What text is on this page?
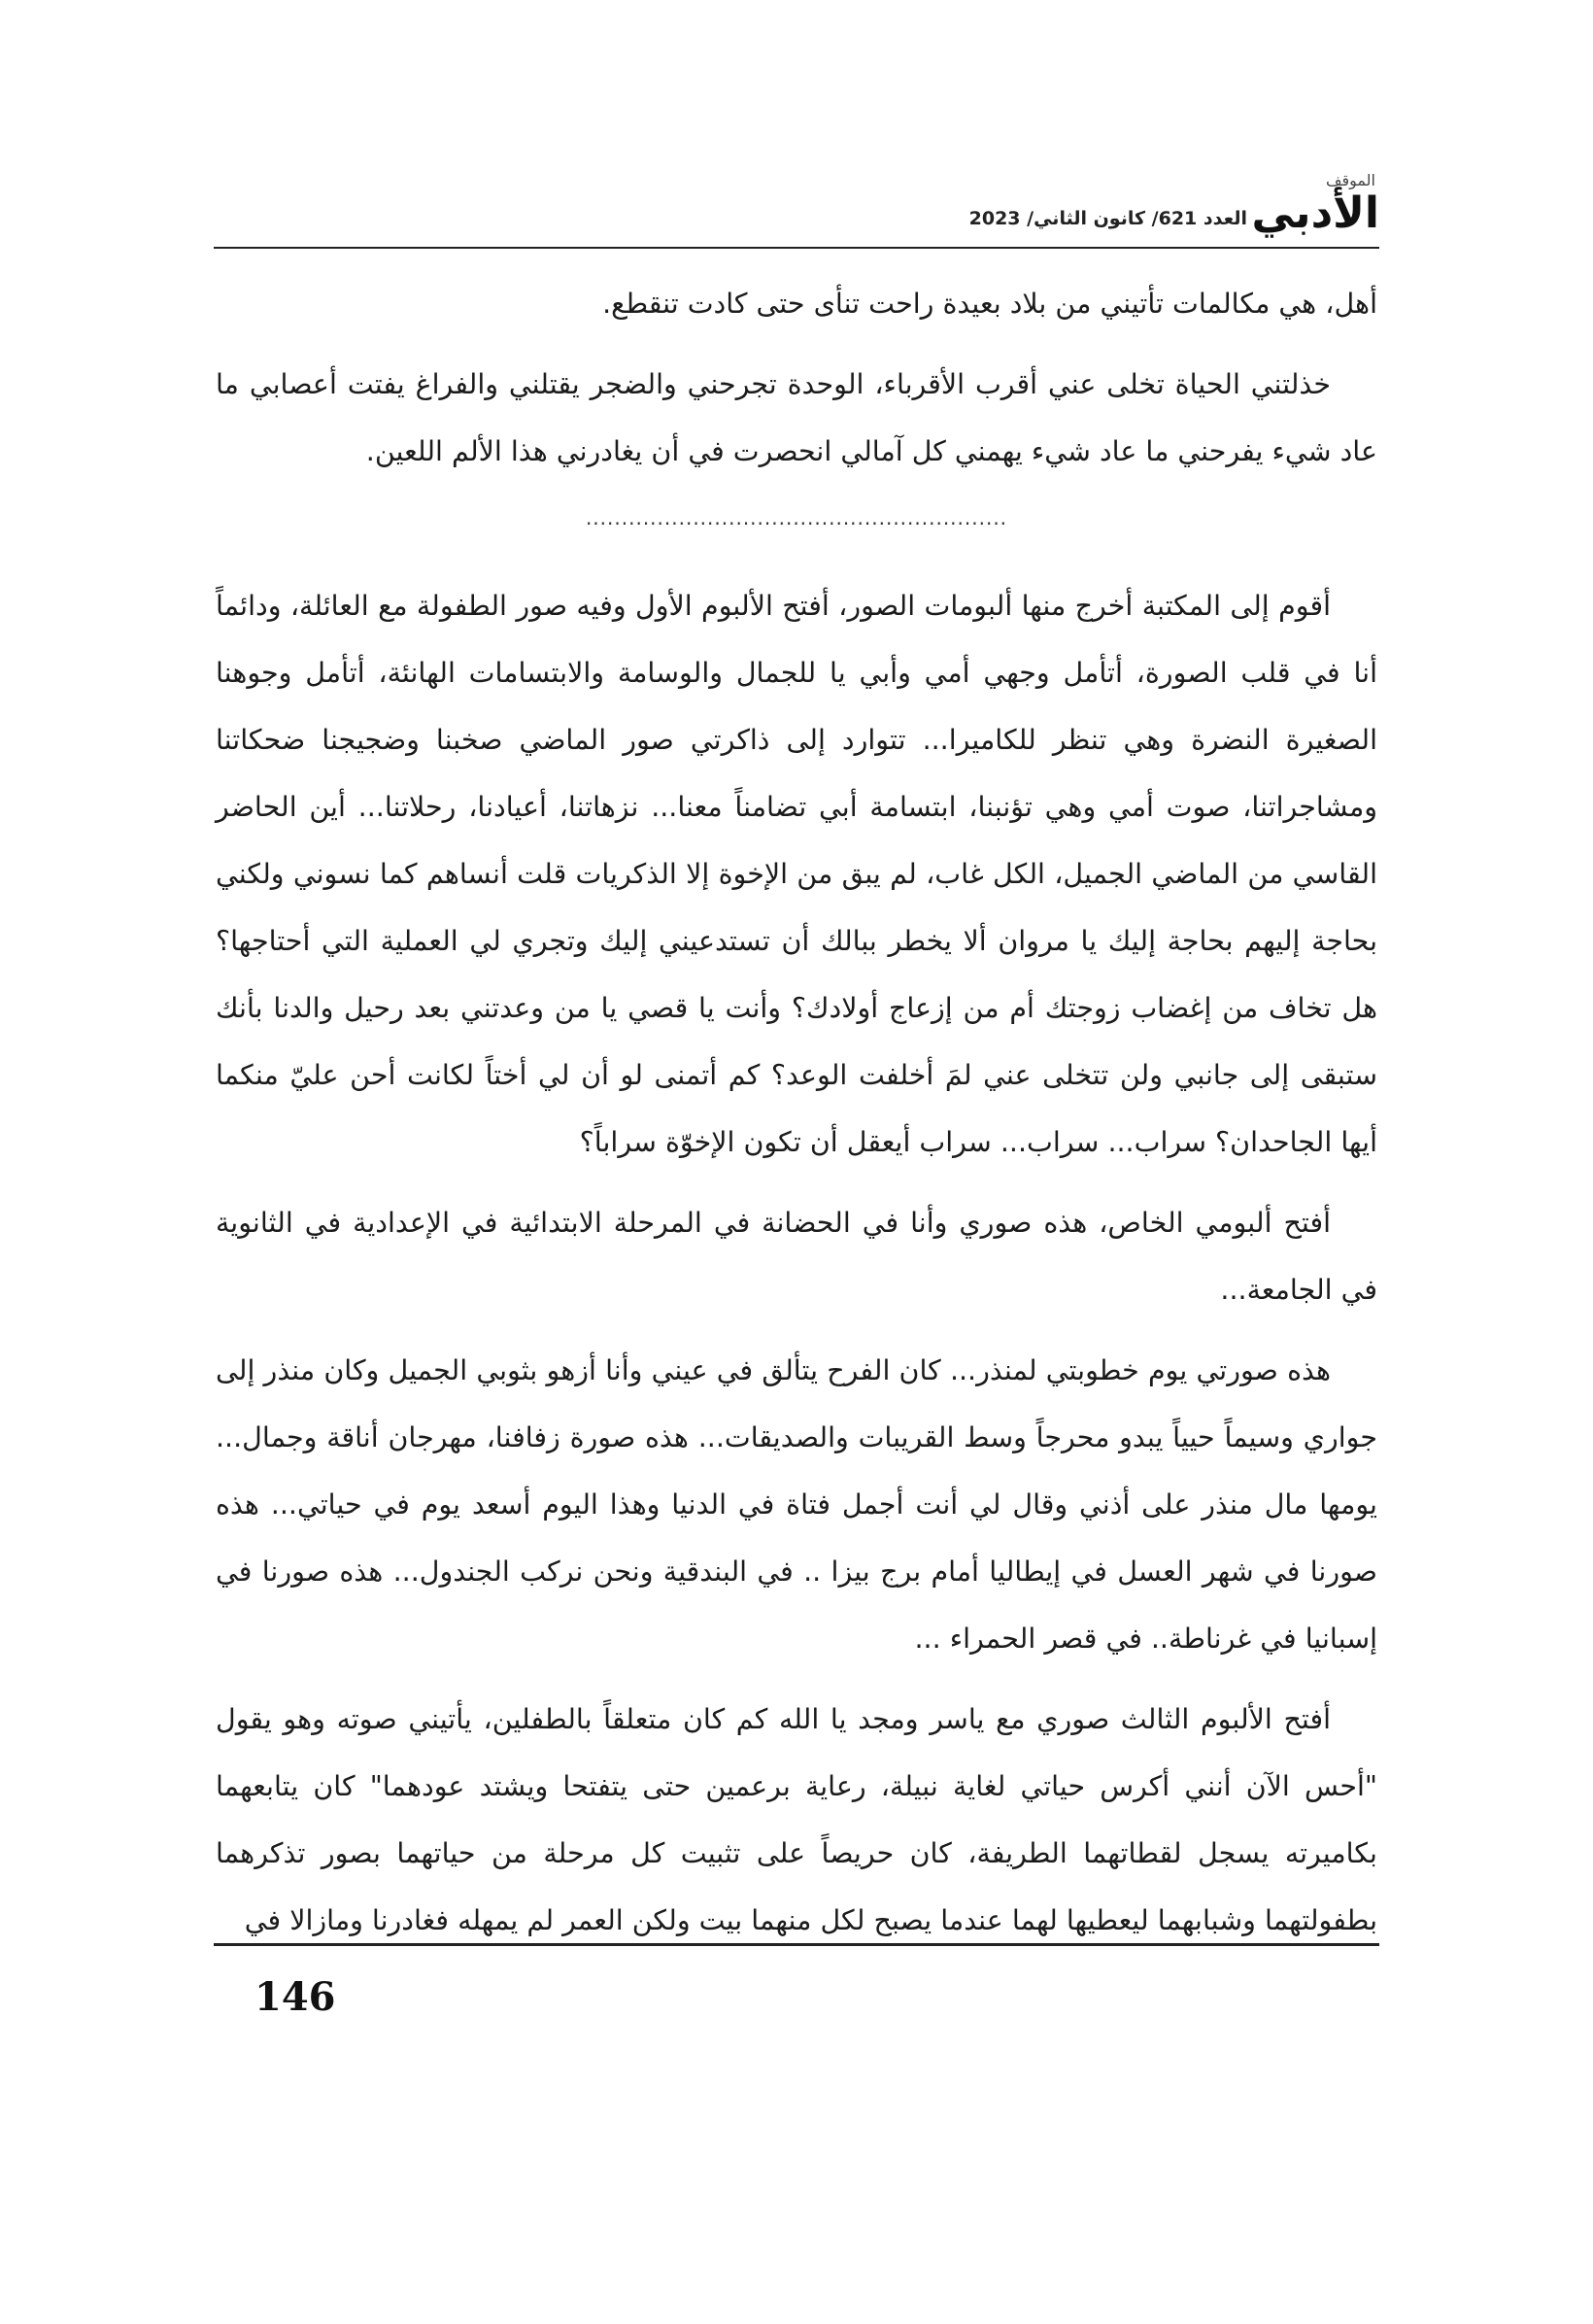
الموقف
الأدبي
العدد 621/ كانون الثاني/ 2023

أهل، هي مكالمات تأتيني من بلاد بعيدة راحت تنأى حتى كادت تنقطع.

خذلتني الحياة تخلى عني أقرب الأقرباء، الوحدة تجرحني والضجر يقتلني والفراغ يفتت أعصابي ما عاد شيء يفرحني ما عاد شيء يهمني كل آمالي انحصرت في أن يغادرني هذا الألم اللعين.

...........................................................

أقوم إلى المكتبة أخرج منها ألبومات الصور، أفتح الألبوم الأول وفيه صور الطفولة مع العائلة، ودائماً أنا في قلب الصورة، أتأمل وجهي أمي وأبي يا للجمال والوسامة والابتسامات الهانئة، أتأمل وجوهنا الصغيرة النضرة وهي تنظر للكاميرا... تتوارد إلى ذاكرتي صور الماضي صخبنا وضجيجنا ضحكاتنا ومشاجراتنا، صوت أمي وهي تؤنبنا، ابتسامة أبي تضامناً معنا... نزهاتنا، أعيادنا، رحلاتنا... أين الحاضر القاسي من الماضي الجميل، الكل غاب، لم يبق من الإخوة إلا الذكريات قلت أنساهم كما نسوني ولكني بحاجة إليهم بحاجة إليك يا مروان ألا يخطر ببالك أن تستدعيني إليك وتجري لي العملية التي أحتاجها؟ هل تخاف من إغضاب زوجتك أم من إزعاج أولادك؟ وأنت يا قصي يا من وعدتني بعد رحيل والدنا بأنك ستبقى إلى جانبي ولن تتخلى عني لمَ أخلفت الوعد؟ كم أتمنى لو أن لي أختاً لكانت أحن عليّ منكما أيها الجاحدان؟ سراب... سراب... سراب أيعقل أن تكون الإخوّة سراباً؟

أفتح ألبومي الخاص، هذه صوري وأنا في الحضانة في المرحلة الابتدائية في الإعدادية في الثانوية في الجامعة...

هذه صورتي يوم خطوبتي لمنذر... كان الفرح يتألق في عيني وأنا أزهو بثوبي الجميل وكان منذر إلى جواري وسيماً حيياً يبدو محرجاً وسط القريبات والصديقات... هذه صورة زفافنا، مهرجان أناقة وجمال... يومها مال منذر على أذني وقال لي أنت أجمل فتاة في الدنيا وهذا اليوم أسعد يوم في حياتي... هذه صورنا في شهر العسل في إيطاليا أمام برج بيزا .. في البندقية ونحن نركب الجندول... هذه صورنا في إسبانيا في غرناطة.. في قصر الحمراء ...

أفتح الألبوم الثالث صوري مع ياسر ومجد يا الله كم كان متعلقاً بالطفلين، يأتيني صوته وهو يقول "أحس الآن أنني أكرس حياتي لغاية نبيلة، رعاية برعمين حتى يتفتحا ويشتد عودهما" كان يتابعهما بكاميرته يسجل لقطاتهما الطريفة، كان حريصاً على تثبيت كل مرحلة من حياتهما بصور تذكرهما بطفولتهما وشبابهما ليعطيها لهما عندما يصبح لكل منهما بيت ولكن العمر لم يمهله فغادرنا ومازالا في

146
